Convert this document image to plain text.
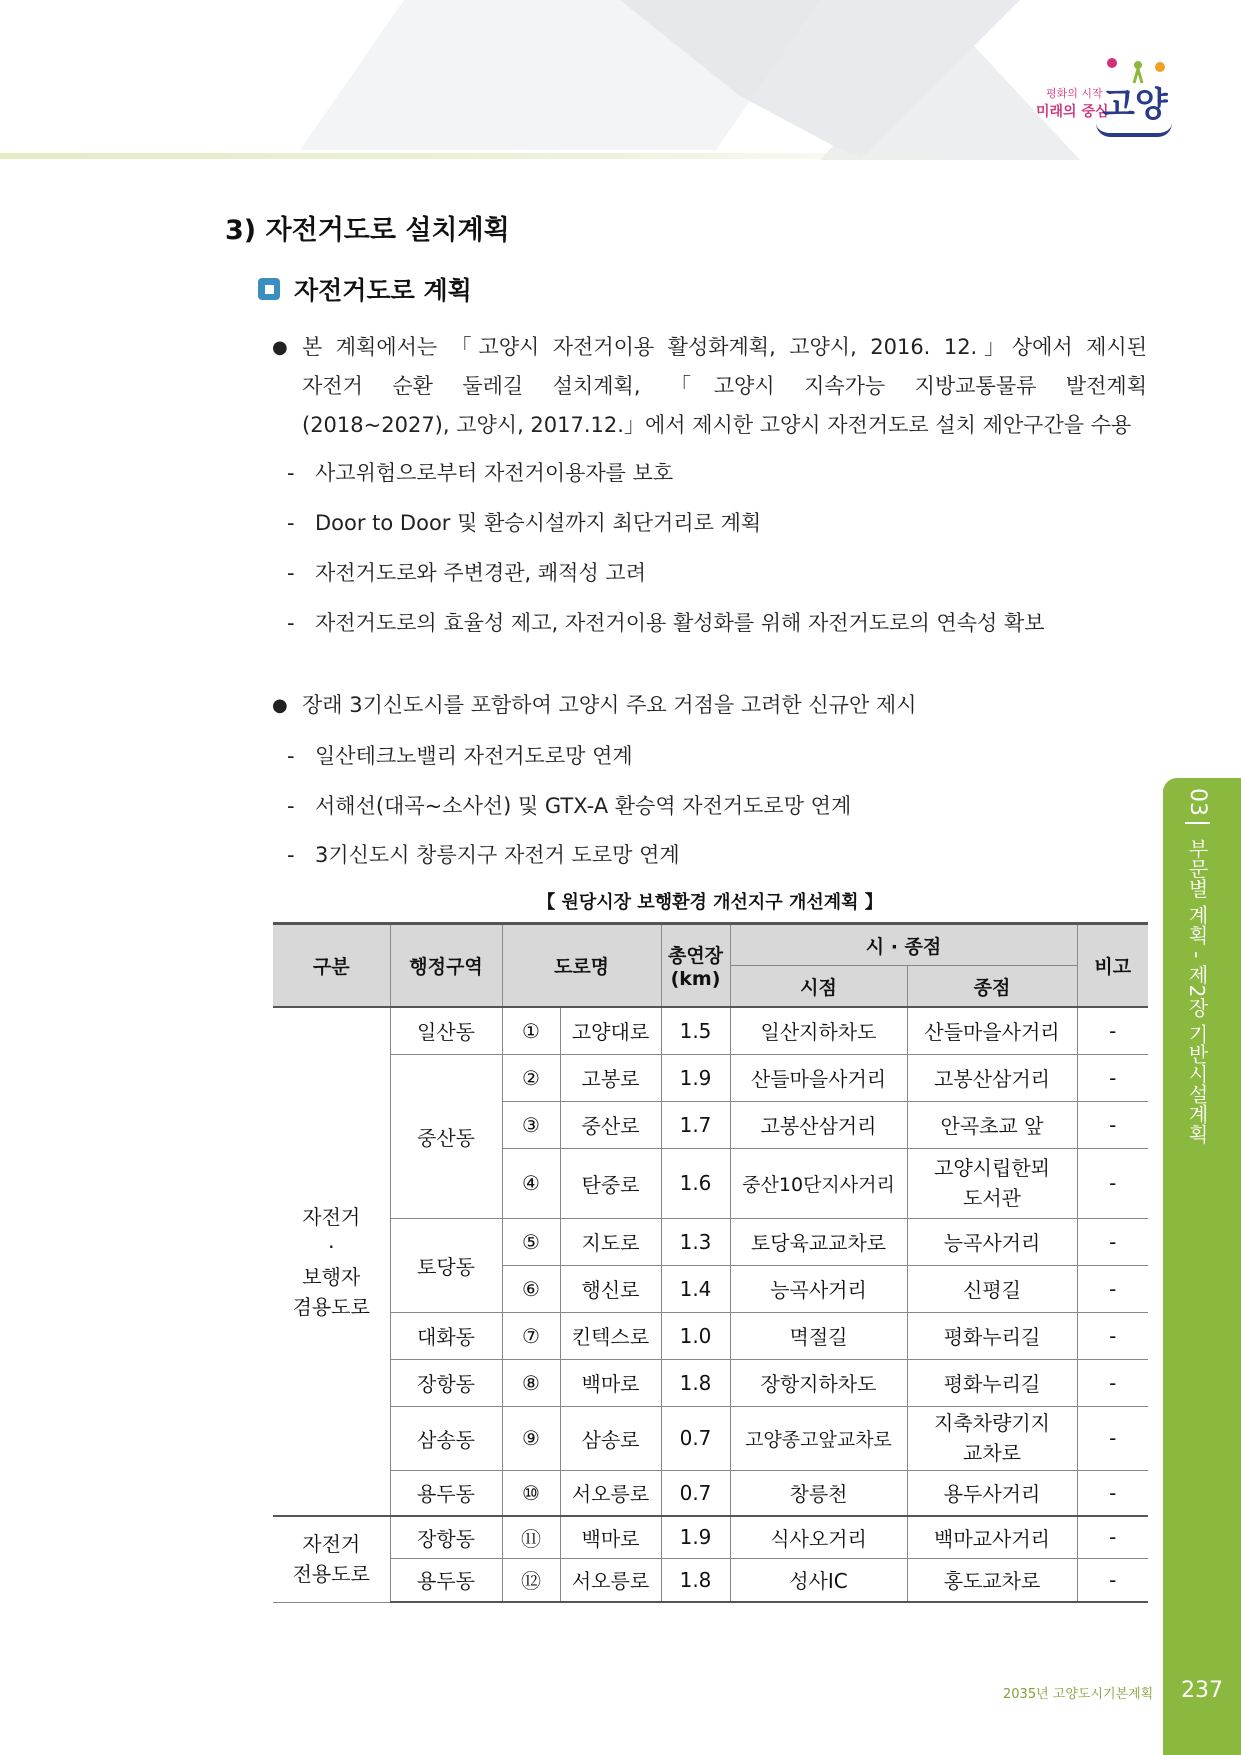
평화의 시작
미래의 중심
고양
3) 자전거도로 설치계획
자전거도로 계획
● 본 계획에서는 「고양시 자전거이용 활성화계획, 고양시, 2016. 12.」상에서 제시된
자전거 순환 둘레길 설치계획, 「고양시 지속가능 지방교통물류 발전계획
(2018~2027), 고양시, 2017.12.」에서 제시한 고양시 자전거도로 설치 제안구간을 수용
- 사고위험으로부터 자전거이용자를 보호
- Door to Door 및 환승시설까지 최단거리로 계획
- 자전거도로와 주변경관, 쾌적성 고려
- 자전거도로의 효율성 제고, 자전거이용 활성화를 위해 자전거도로의 연속성 확보
● 장래 3기신도시를 포함하여 고양시 주요 거점을 고려한 신규안 제시
- 일산테크노밸리 자전거도로망 연계
- 서해선(대곡~소사선) 및 GTX-A 환승역 자전거도로망 연계
- 3기신도시 창릉지구 자전거 도로망 연계
【 원당시장 보행환경 개선지구 개선계획 】
구분	행정구역	도로명		총연장
(km)	시 · 종점		비고
					시점	종점	
자전거
·
보행자
겸용도로	일산동	①	고양대로	1.5	일산지하차도	산들마을사거리	-
	중산동	②	고봉로	1.9	산들마을사거리	고봉산삼거리	-
		③	중산로	1.7	고봉산삼거리	안곡초교 앞	-
		④	탄중로	1.6	중산10단지사거리	고양시립한뫼
도서관	-
	토당동	⑤	지도로	1.3	토당육교교차로	능곡사거리	-
		⑥	행신로	1.4	능곡사거리	신평길	-
	대화동	⑦	킨텍스로	1.0	멱절길	평화누리길	-
	장항동	⑧	백마로	1.8	장항지하차도	평화누리길	-
	삼송동	⑨	삼송로	0.7	고양종고앞교차로	지축차량기지
교차로	-
	용두동	⑩	서오릉로	0.7	창릉천	용두사거리	-
자전거
전용도로	장항동	⑪	백마로	1.9	식사오거리	백마교사거리	-
	용두동	⑫	서오릉로	1.8	성사IC	홍도교차로	-
03 부문별 계획 - 제2장 기반시설계획
237
2035년 고양도시기본계획
